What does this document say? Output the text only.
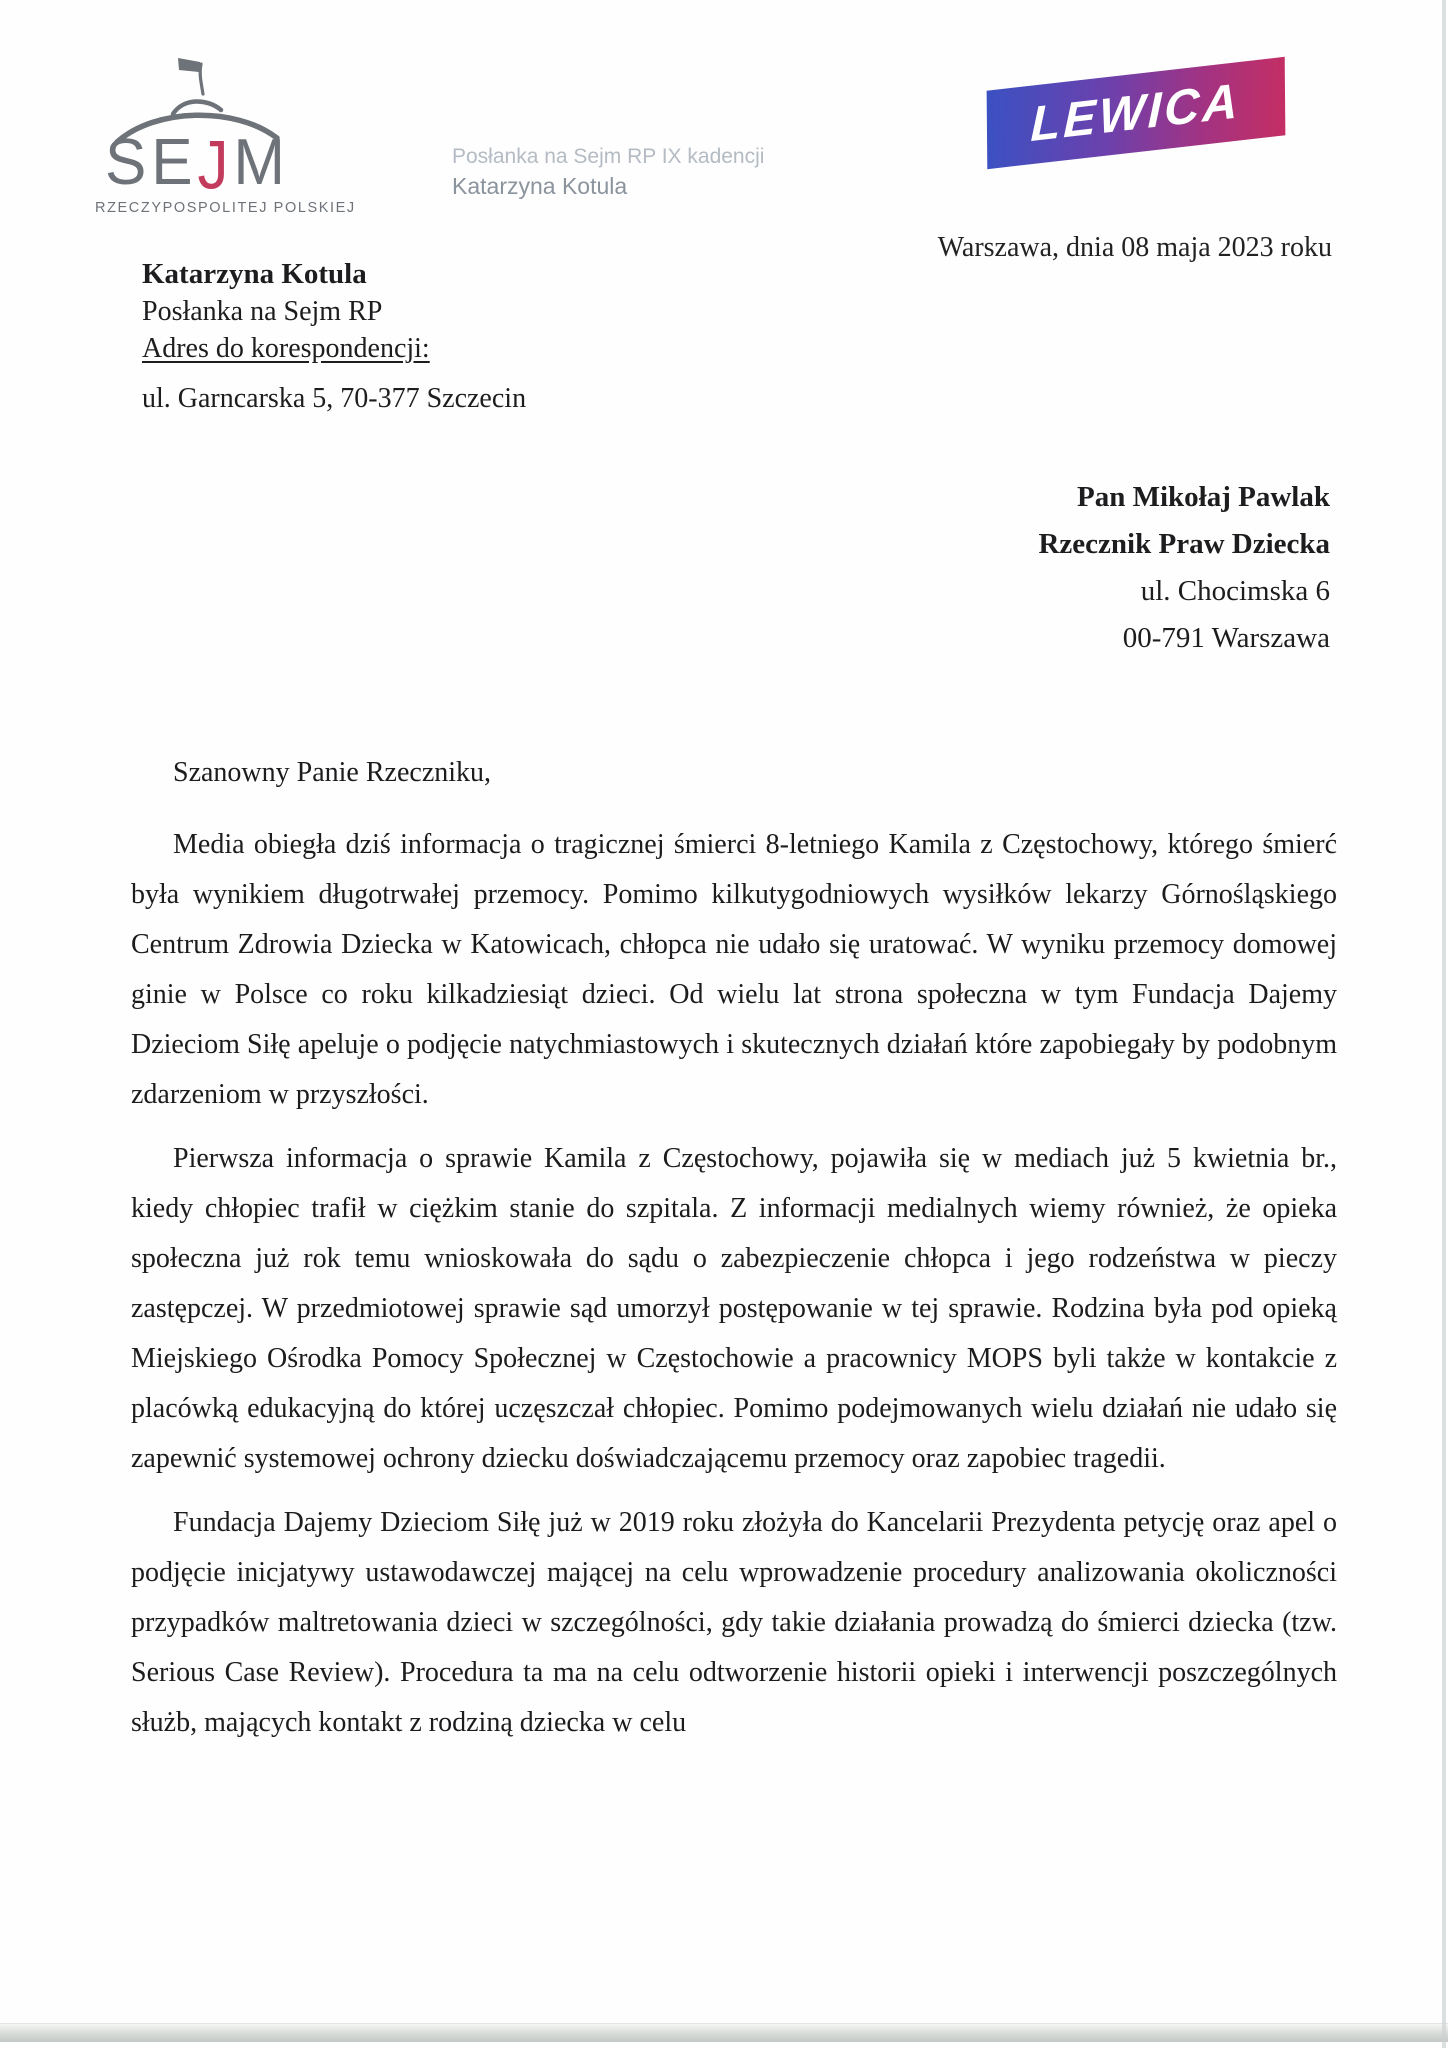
S E J M
RZECZYPOSPOLITEJ POLSKIEJ
Posłanka na Sejm RP IX kadencji
Katarzyna Kotula
LEWICA
Warszawa, dnia 08 maja 2023 roku
Katarzyna Kotula
Posłanka na Sejm RP
Adres do korespondencji:
ul. Garncarska 5, 70-377 Szczecin
Pan Mikołaj Pawlak
Rzecznik Praw Dziecka
ul. Chocimska 6
00-791 Warszawa
Szanowny Panie Rzeczniku,

Media obiegła dziś informacja o tragicznej śmierci 8-letniego Kamila z Częstochowy, którego śmierć była wynikiem długotrwałej przemocy. Pomimo kilkutygodniowych wysiłków lekarzy Górnośląskiego Centrum Zdrowia Dziecka w Katowicach, chłopca nie udało się uratować. W wyniku przemocy domowej ginie w Polsce co roku kilkadziesiąt dzieci. Od wielu lat strona społeczna w tym Fundacja Dajemy Dzieciom Siłę apeluje o podjęcie natychmiastowych i skutecznych działań które zapobiegały by podobnym zdarzeniom w przyszłości.

Pierwsza informacja o sprawie Kamila z Częstochowy, pojawiła się w mediach już 5 kwietnia br., kiedy chłopiec trafił w ciężkim stanie do szpitala. Z informacji medialnych wiemy również, że opieka społeczna już rok temu wnioskowała do sądu o zabezpieczenie chłopca i jego rodzeństwa w pieczy zastępczej. W przedmiotowej sprawie sąd umorzył postępowanie w tej sprawie. Rodzina była pod opieką Miejskiego Ośrodka Pomocy Społecznej w Częstochowie a pracownicy MOPS byli także w kontakcie z placówką edukacyjną do której uczęszczał chłopiec. Pomimo podejmowanych wielu działań nie udało się zapewnić systemowej ochrony dziecku doświadczającemu przemocy oraz zapobiec tragedii.

Fundacja Dajemy Dzieciom Siłę już w 2019 roku złożyła do Kancelarii Prezydenta petycję oraz apel o podjęcie inicjatywy ustawodawczej mającej na celu wprowadzenie procedury analizowania okoliczności przypadków maltretowania dzieci w szczególności, gdy takie działania prowadzą do śmierci dziecka (tzw. Serious Case Review). Procedura ta ma na celu odtworzenie historii opieki i interwencji poszczególnych służb, mających kontakt z rodziną dziecka w celu
